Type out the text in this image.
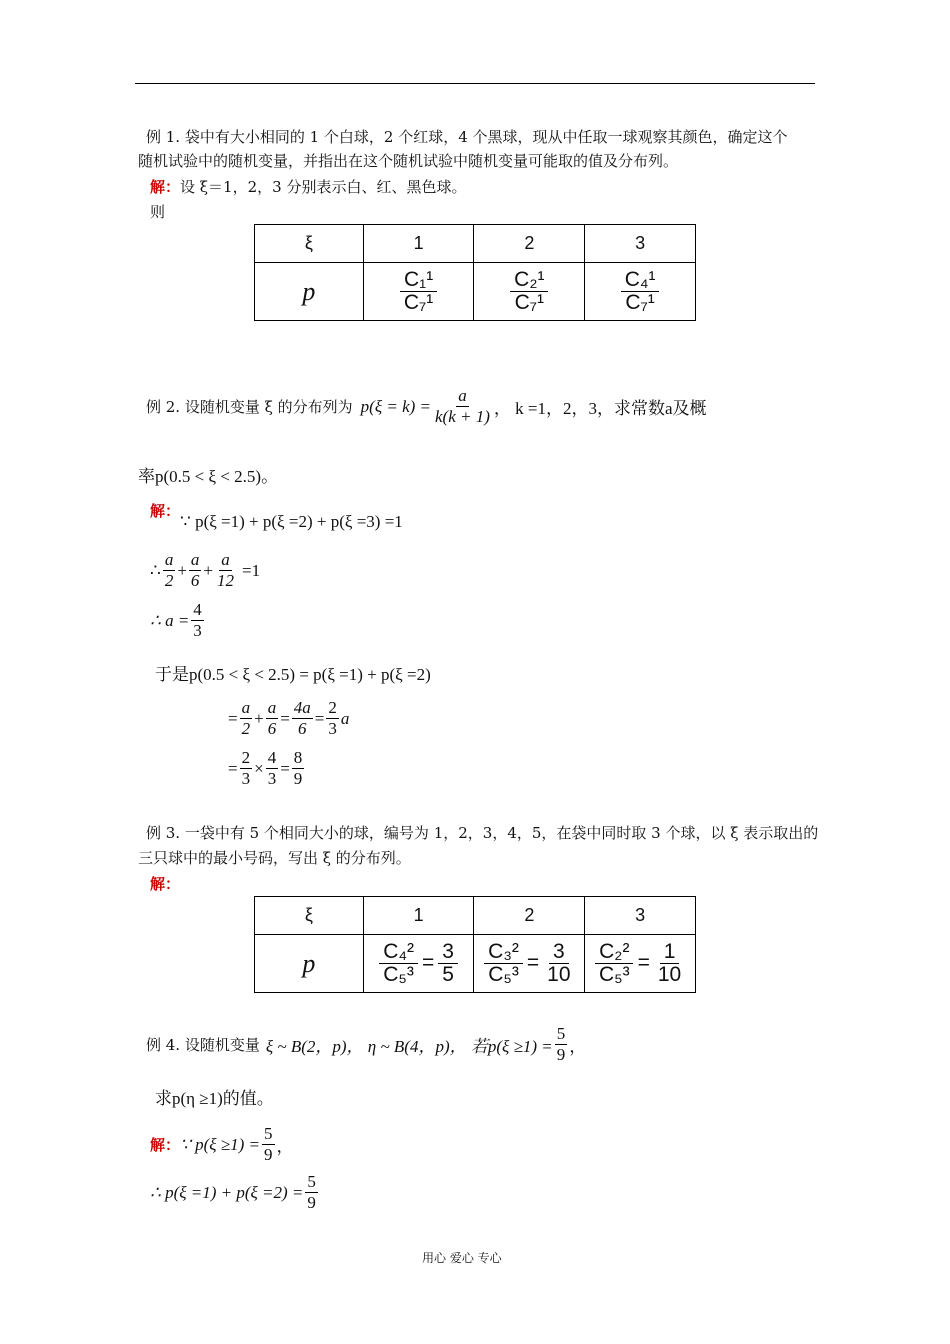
例 1. 袋中有大小相同的 1 个白球，2 个红球，4 个黑球，现从中任取一球观察其颜色，确定这个
随机试验中的随机变量，并指出在这个随机试验中随机变量可能取的值及分布列。
解：设 ξ＝1，2，3 分别表示白、红、黑色球。
则
ξ	1	2	3
p	$\frac{\text{C₁¹}}{\text{C₇¹}}$	$\frac{\text{C₂¹}}{\text{C₇¹}}$	$\frac{\text{C₄¹}}{\text{C₇¹}}$
例 2. 设随机变量 ξ 的分布列为 $p(\xi = k) = \frac{a}{k(k + 1)}$ ， k =1，2，3，求常数a及概
率p(0.5 < ξ < 2.5)。
解：
∵ p(ξ =1) + p(ξ =2) + p(ξ =3) =1
∴ $\frac{a}{2} + \frac{a}{6} + \frac{a}{12} =1$
∴ $a = \frac{4}{3}$
于是p(0.5 < ξ < 2.5) = p(ξ =1) + p(ξ =2)
= $\frac{a}{2} + \frac{a}{6} = \frac{4a}{6} = \frac{2}{3}$ a
= $\frac{2}{3} \times \frac{4}{3} = \frac{8}{9}$
例 3. 一袋中有 5 个相同大小的球，编号为 1，2，3，4，5，在袋中同时取 3 个球，以 ξ 表示取出的
三只球中的最小号码，写出 ξ 的分布列。
解：
ξ	1	2	3
p	$\frac{\text{C₄²}}{\text{C₅³}} = \frac{3}{5}$	$\frac{\text{C₃²}}{\text{C₅³}} = \frac{3}{10}$	$\frac{\text{C₂²}}{\text{C₅³}} = \frac{1}{10}$
例 4. 设随机变量 ξ ~ B(2，p)， η ~ B(4，p)， 若$p(\xi \ge 1) = \frac{5}{9}$ ，
求p(η ≥1)的值。
解： ∵ $p(\xi \ge 1) = \frac{5}{9}$ ，
∴ $p(\xi =1) + p(\xi =2) = \frac{5}{9}$
用心 爱心 专心
